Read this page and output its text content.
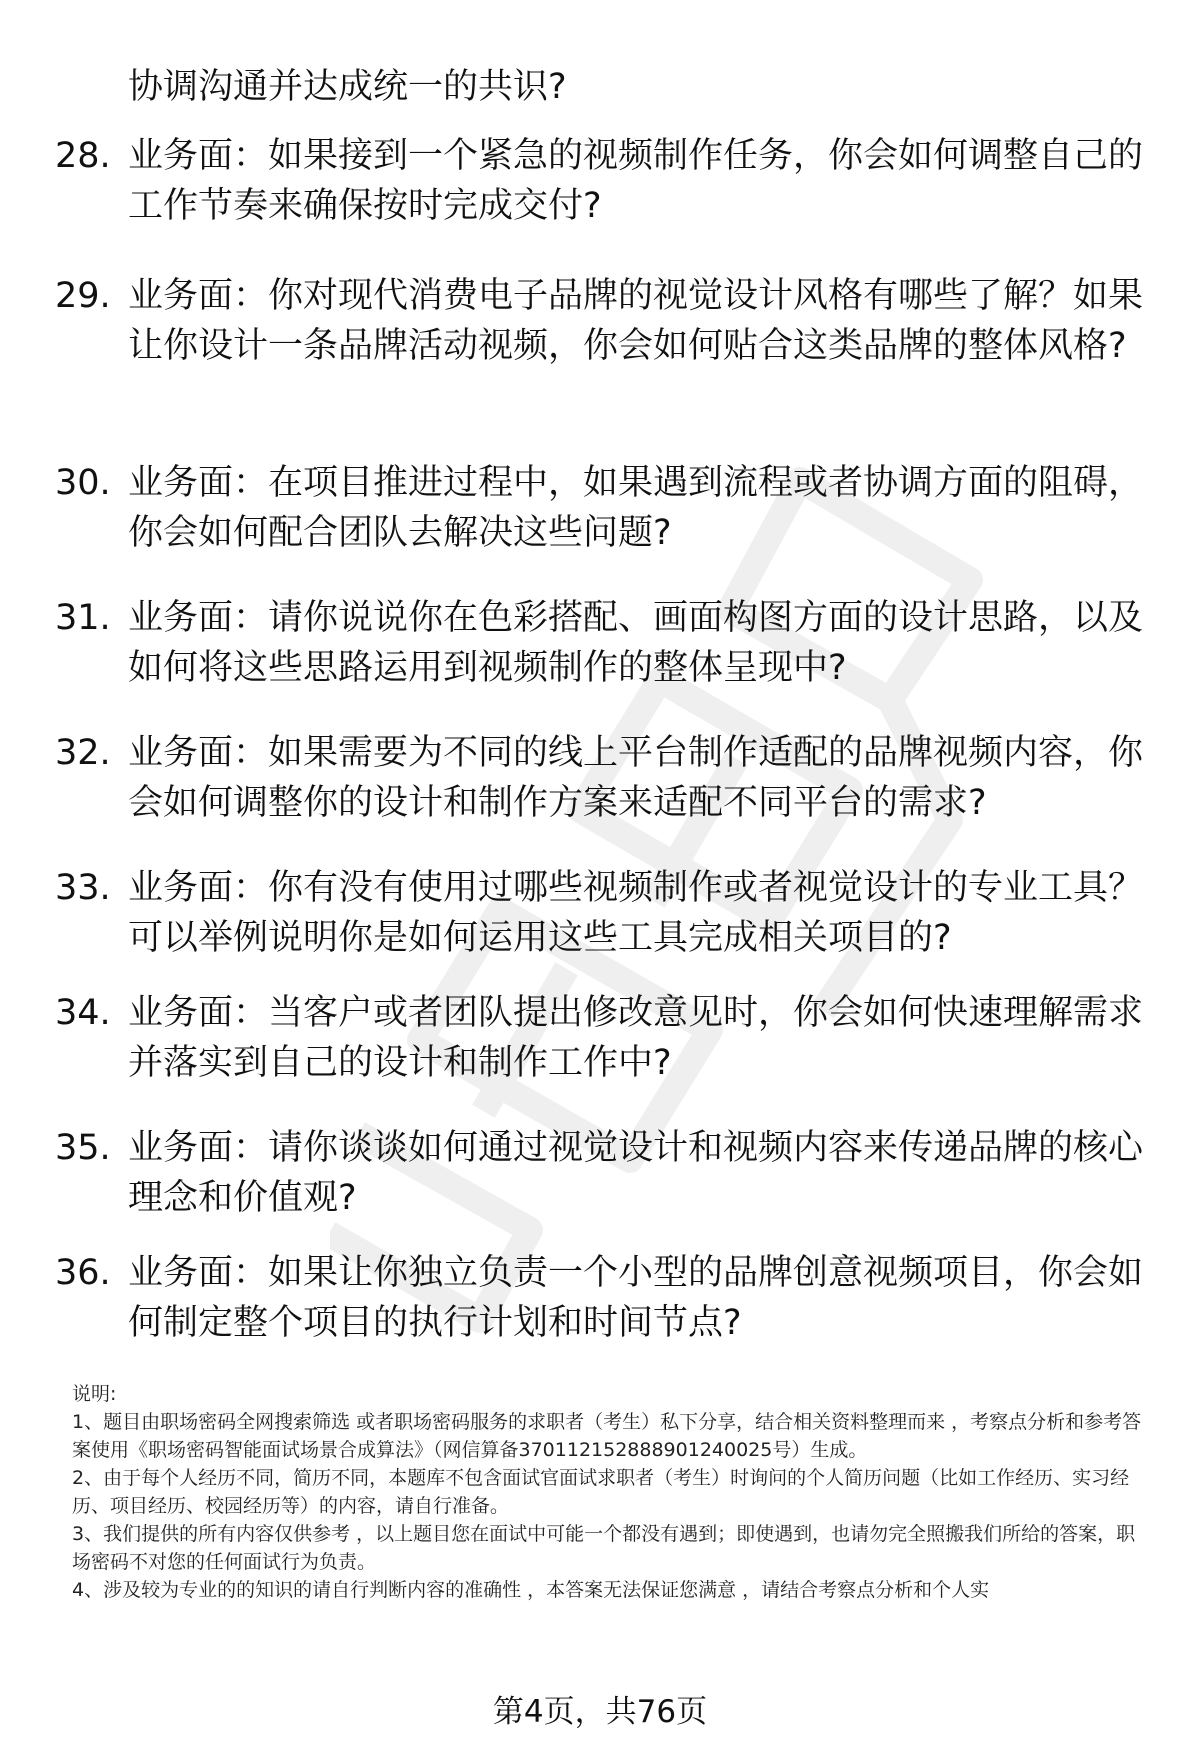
协调沟通并达成统一的共识?
28. 业务面：如果接到一个紧急的视频制作任务，你会如何调整自己的工作节奏来确保按时完成交付?
29. 业务面：你对现代消费电子品牌的视觉设计风格有哪些了解？如果让你设计一条品牌活动视频，你会如何贴合这类品牌的整体风格?
30. 业务面：在项目推进过程中，如果遇到流程或者协调方面的阻碍，你会如何配合团队去解决这些问题?
31. 业务面：请你说说你在色彩搭配、画面构图方面的设计思路，以及如何将这些思路运用到视频制作的整体呈现中?
32. 业务面：如果需要为不同的线上平台制作适配的品牌视频内容，你会如何调整你的设计和制作方案来适配不同平台的需求?
33. 业务面：你有没有使用过哪些视频制作或者视觉设计的专业工具？可以举例说明你是如何运用这些工具完成相关项目的?
34. 业务面：当客户或者团队提出修改意见时，你会如何快速理解需求并落实到自己的设计和制作工作中?
35. 业务面：请你谈谈如何通过视觉设计和视频内容来传递品牌的核心理念和价值观?
36. 业务面：如果让你独立负责一个小型的品牌创意视频项目，你会如何制定整个项目的执行计划和时间节点?

说明:

1、题目由职场密码全网搜索筛选 或者职场密码服务的求职者（考生）私下分享，结合相关资料整理而来 ，考察点分析和参考答案使用《职场密码智能面试场景合成算法》（网信算备370112152888901240025号）生成。

2、由于每个人经历不同，简历不同，本题库不包含面试官面试求职者（考生）时询问的个人简历问题（比如工作经历、实习经历、项目经历、校园经历等）的内容，请自行准备。

3、我们提供的所有内容仅供参考 ，以上题目您在面试中可能一个都没有遇到；即使遇到，也请勿完全照搬我们所给的答案，职场密码不对您的任何面试行为负责。

4、涉及较为专业的的知识的请自行判断内容的准确性 ，本答案无法保证您满意 ，请结合考察点分析和个人实

第4页，共76页
